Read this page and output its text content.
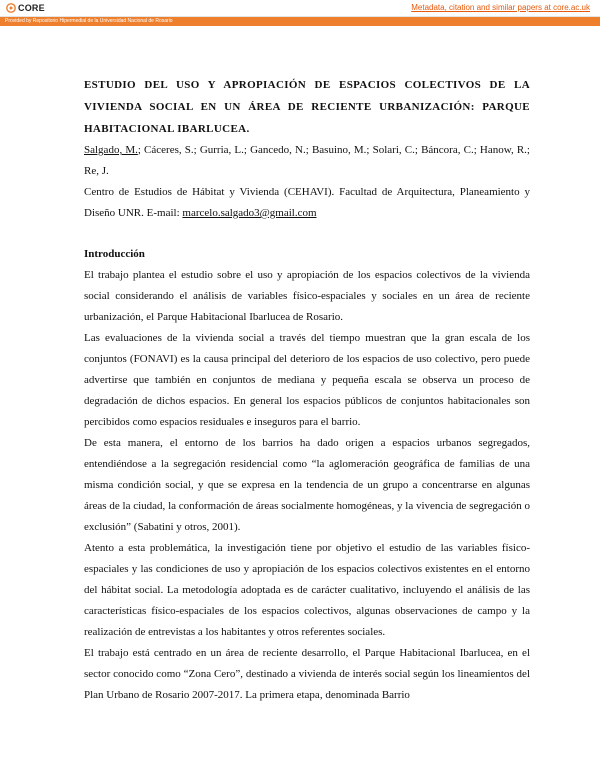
CORE	Metadata, citation and similar papers at core.ac.uk
Provided by Repositorio Hipermedial de la Universidad Nacional de Rosario
ESTUDIO DEL USO Y APROPIACIÓN DE ESPACIOS COLECTIVOS DE LA VIVIENDA SOCIAL EN UN ÁREA DE RECIENTE URBANIZACIÓN: PARQUE HABITACIONAL IBARLUCEA.

Salgado, M.; Cáceres, S.; Gurria, L.; Gancedo, N.; Basuino, M.; Solari, C.; Báncora, C.; Hanow, R.; Re, J.

Centro de Estudios de Hábitat y Vivienda (CEHAVI). Facultad de Arquitectura, Planeamiento y Diseño UNR. E-mail: marcelo.salgado3@gmail.com

Introducción

El trabajo plantea el estudio sobre el uso y apropiación de los espacios colectivos de la vivienda social considerando el análisis de variables físico-espaciales y sociales en un área de reciente urbanización, el Parque Habitacional Ibarlucea de Rosario.

Las evaluaciones de la vivienda social a través del tiempo muestran que la gran escala de los conjuntos (FONAVI) es la causa principal del deterioro de los espacios de uso colectivo, pero puede advertirse que también en conjuntos de mediana y pequeña escala se observa un proceso de degradación de dichos espacios. En general los espacios públicos de conjuntos habitacionales son percibidos como espacios residuales e inseguros para el barrio.

De esta manera, el entorno de los barrios ha dado origen a espacios urbanos segregados, entendiéndose a la segregación residencial como “la aglomeración geográfica de familias de una misma condición social, y que se expresa en la tendencia de un grupo a concentrarse en algunas áreas de la ciudad, la conformación de áreas socialmente homogéneas, y la vivencia de segregación o exclusión” (Sabatini y otros, 2001).

Atento a esta problemática, la investigación tiene por objetivo el estudio de las variables físico-espaciales y las condiciones de uso y apropiación de los espacios colectivos existentes en el entorno del hábitat social. La metodología adoptada es de carácter cualitativo, incluyendo el análisis de las características físico-espaciales de los espacios colectivos, algunas observaciones de campo y la realización de entrevistas a los habitantes y otros referentes sociales.

El trabajo está centrado en un área de reciente desarrollo, el Parque Habitacional Ibarlucea, en el sector conocido como “Zona Cero”, destinado a vivienda de interés social según los lineamientos del Plan Urbano de Rosario 2007-2017. La primera etapa, denominada Barrio
